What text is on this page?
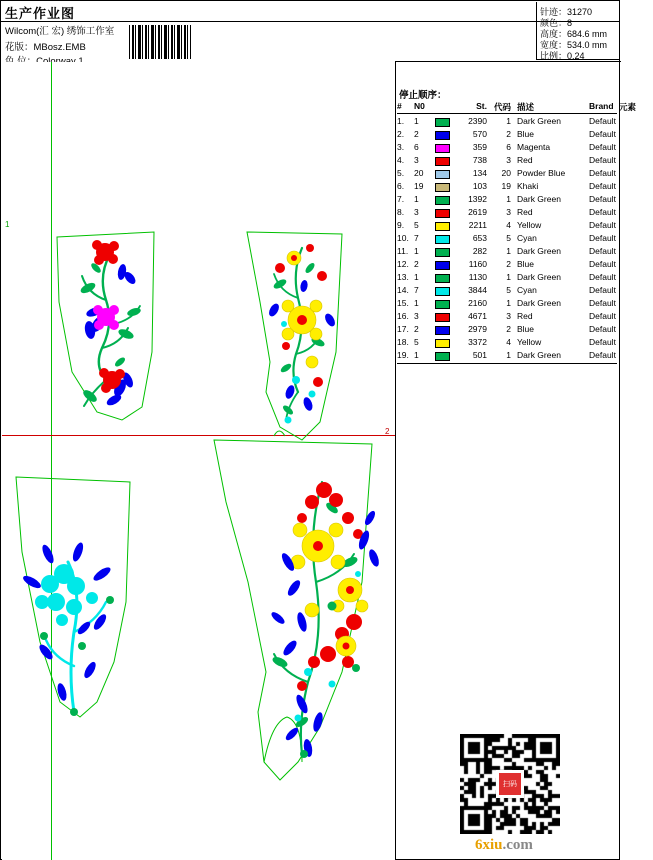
生产作业图
Wilcom(汇 宏) 绣饰工作室
花版：MBosz.EMB
针迹：31270
颜色：8
高度：684.6 mm
宽度：534.0 mm
比例：0.24
1
2
停止顺序：
#	N0	St. 代码 描述	Brand 元素
1.	1	2390	1 Dark Green	Default
2.	2	570	2 Blue	Default
3.	6	359	6 Magenta	Default
4.	3	738	3 Red	Default
5.	20	134	20 Powder Blue	Default
6.	19	103	19 Khaki	Default
7.	1	1392	1 Dark Green	Default
8.	3	2619	3 Red	Default
9.	5	2211	4 Yellow	Default
10. 7	653	5 Cyan	Default
11. 1	282	1 Dark Green	Default
12. 2	1160	2 Blue	Default
13. 1	1130	1 Dark Green	Default
14. 7	3844	5 Cyan	Default
15. 1	2160	1 Dark Green	Default
16. 3	4671	3 Red	Default
17. 2	2979	2 Blue	Default
18. 5	3372	4 Yellow	Default
19. 1	501	1 Dark Green	Default
扫码
6xiu.com
